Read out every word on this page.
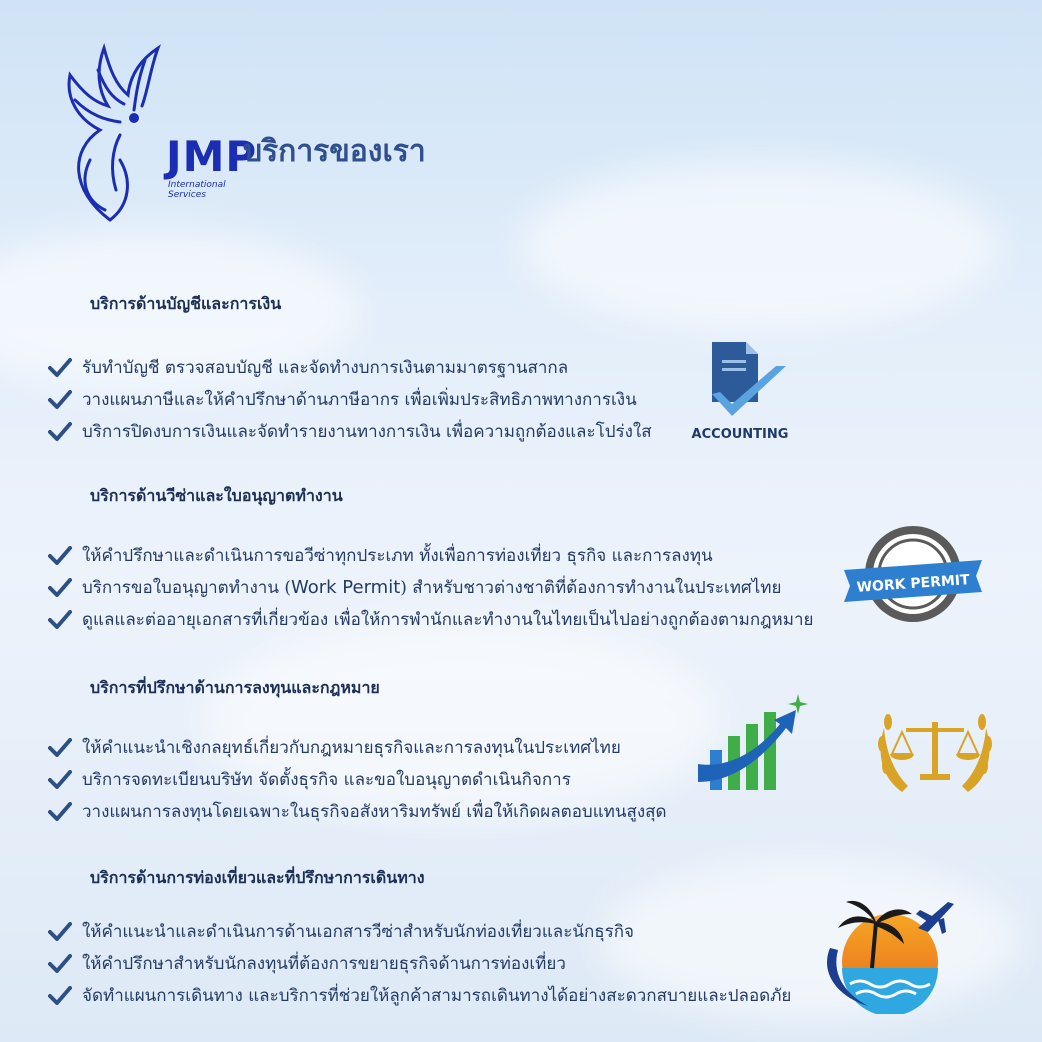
JMP
International Services
บริการของเรา
บริการด้านบัญชีและการเงิน
รับทำบัญชี ตรวจสอบบัญชี และจัดทำงบการเงินตามมาตรฐานสากล
วางแผนภาษีและให้คำปรึกษาด้านภาษีอากร เพื่อเพิ่มประสิทธิภาพทางการเงิน
บริการปิดงบการเงินและจัดทำรายงานทางการเงิน เพื่อความถูกต้องและโปร่งใส	ACCOUNTING
บริการด้านวีซ่าและใบอนุญาตทำงาน
ให้คำปรึกษาและดำเนินการขอวีซ่าทุกประเภท ทั้งเพื่อการท่องเที่ยว ธุรกิจ และการลงทุน
บริการขอใบอนุญาตทำงาน (Work Permit) สำหรับชาวต่างชาติที่ต้องการทำงานในประเทศไทย
ดูแลและต่ออายุเอกสารที่เกี่ยวข้อง เพื่อให้การพำนักและทำงานในไทยเป็นไปอย่างถูกต้องตามกฎหมาย
WORK PERMIT
บริการที่ปรึกษาด้านการลงทุนและกฎหมาย
ให้คำแนะนำเชิงกลยุทธ์เกี่ยวกับกฎหมายธุรกิจและการลงทุนในประเทศไทย
บริการจดทะเบียนบริษัท จัดตั้งธุรกิจ และขอใบอนุญาตดำเนินกิจการ
วางแผนการลงทุนโดยเฉพาะในธุรกิจอสังหาริมทรัพย์ เพื่อให้เกิดผลตอบแทนสูงสุด
บริการด้านการท่องเที่ยวและที่ปรึกษาการเดินทาง
ให้คำแนะนำและดำเนินการด้านเอกสารวีซ่าสำหรับนักท่องเที่ยวและนักธุรกิจ
ให้คำปรึกษาสำหรับนักลงทุนที่ต้องการขยายธุรกิจด้านการท่องเที่ยว
จัดทำแผนการเดินทาง และบริการที่ช่วยให้ลูกค้าสามารถเดินทางได้อย่างสะดวกสบายและปลอดภัย
